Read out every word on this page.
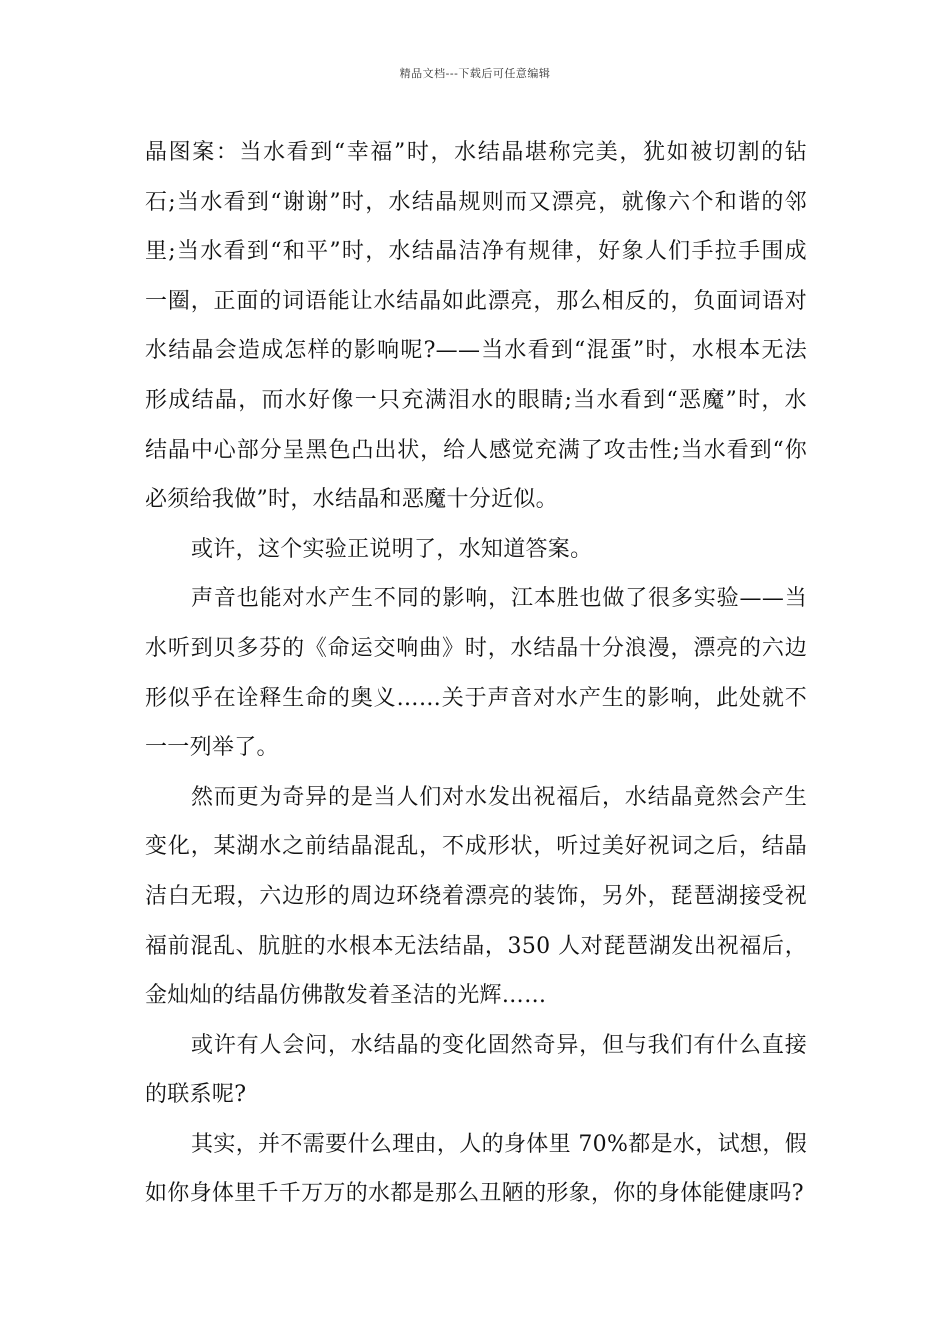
精品文档---下载后可任意编辑
晶图案：当水看到“幸福”时，水结晶堪称完美，犹如被切割的钻
石;当水看到“谢谢”时，水结晶规则而又漂亮，就像六个和谐的邻
里;当水看到“和平”时，水结晶洁净有规律，好象人们手拉手围成
一圈，正面的词语能让水结晶如此漂亮，那么相反的，负面词语对
水结晶会造成怎样的影响呢?——当水看到“混蛋”时，水根本无法
形成结晶，而水好像一只充满泪水的眼睛;当水看到“恶魔”时，水
结晶中心部分呈黑色凸出状，给人感觉充满了攻击性;当水看到“你
必须给我做”时，水结晶和恶魔十分近似。
或许，这个实验正说明了，水知道答案。
声音也能对水产生不同的影响，江本胜也做了很多实验——当
水听到贝多芬的《命运交响曲》时，水结晶十分浪漫，漂亮的六边
形似乎在诠释生命的奥义……关于声音对水产生的影响，此处就不
一一列举了。
然而更为奇异的是当人们对水发出祝福后，水结晶竟然会产生
变化，某湖水之前结晶混乱，不成形状，听过美好祝词之后，结晶
洁白无瑕，六边形的周边环绕着漂亮的装饰，另外，琵琶湖接受祝
福前混乱、肮脏的水根本无法结晶，350 人对琵琶湖发出祝福后，
金灿灿的结晶仿佛散发着圣洁的光辉……
或许有人会问，水结晶的变化固然奇异，但与我们有什么直接
的联系呢?
其实，并不需要什么理由，人的身体里 70%都是水，试想，假
如你身体里千千万万的水都是那么丑陋的形象，你的身体能健康吗?
